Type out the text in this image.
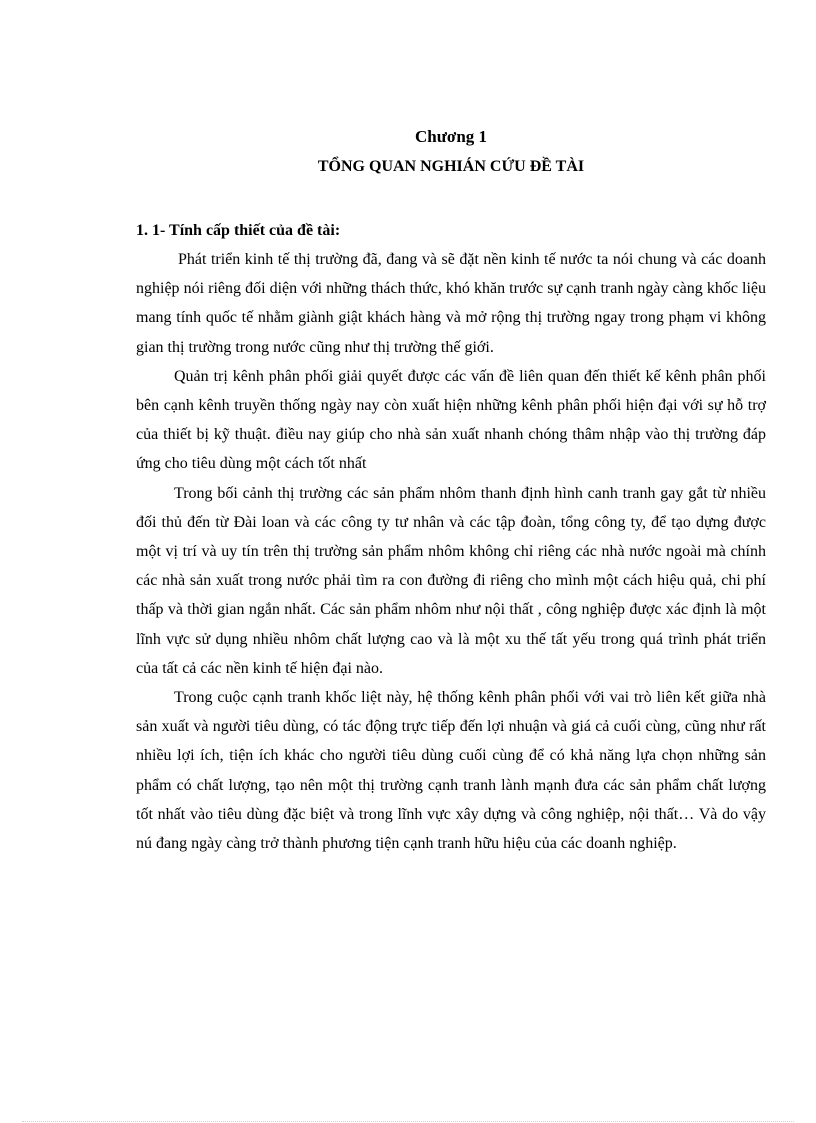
Chương 1

TỔNG QUAN NGHIÁN CỨU ĐỀ TÀI

1. 1- Tính cấp thiết của đề tài:

Phát triển kinh tế thị trường đã, đang và sẽ đặt nền kinh tế nước ta nói chung và các doanh nghiệp nói riêng đối diện với những thách thức, khó khăn trước sự cạnh tranh ngày càng khốc liệu mang tính quốc tế nhằm giành giật khách hàng và mở rộng thị trường ngay trong phạm vi không gian thị trường trong nước cũng như thị trường thế giới.

Quản trị kênh phân phối giải quyết được các vấn đề liên quan đến thiết kế kênh phân phối bên cạnh kênh truyền thống ngày nay còn xuất hiện những kênh phân phối hiện đại với sự hỗ trợ của thiết bị kỹ thuật. điều nay giúp cho nhà sản xuất nhanh chóng thâm nhập vào thị trường đáp ứng cho tiêu dùng một cách tốt nhất

Trong bối cảnh thị trường các sản phẩm nhôm thanh định hình canh tranh gay gắt từ nhiều đối thủ đến từ Đài loan và các công ty tư nhân và các tập đoàn, tổng công ty, để tạo dựng được một vị trí và uy tín trên thị trường sản phẩm nhôm không chỉ riêng các nhà nước ngoài mà chính các nhà sản xuất trong nước phải tìm ra con đường đi riêng cho mình một cách hiệu quả, chi phí thấp và thời gian ngắn nhất. Các sản phẩm nhôm như nội thất , công nghiệp được xác định là một lĩnh vực sử dụng nhiều nhôm chất lượng cao và là một xu thế tất yếu trong quá trình phát triển của tất cả các nền kinh tế hiện đại nào.

Trong cuộc cạnh tranh khốc liệt này, hệ thống kênh phân phối với vai trò liên kết giữa nhà sản xuất và người tiêu dùng, có tác động trực tiếp đến lợi nhuận và giá cả cuối cùng, cũng như rất nhiều lợi ích, tiện ích khác cho người tiêu dùng cuối cùng để có khả năng lựa chọn những sản phẩm có chất lượng, tạo nên một thị trường cạnh tranh lành mạnh đưa các sản phẩm chất lượng tốt nhất vào tiêu dùng đặc biệt và trong lĩnh vực xây dựng và công nghiệp, nội thất… Và do vậy nú đang ngày càng trở thành phương tiện cạnh tranh hữu hiệu của các doanh nghiệp.
